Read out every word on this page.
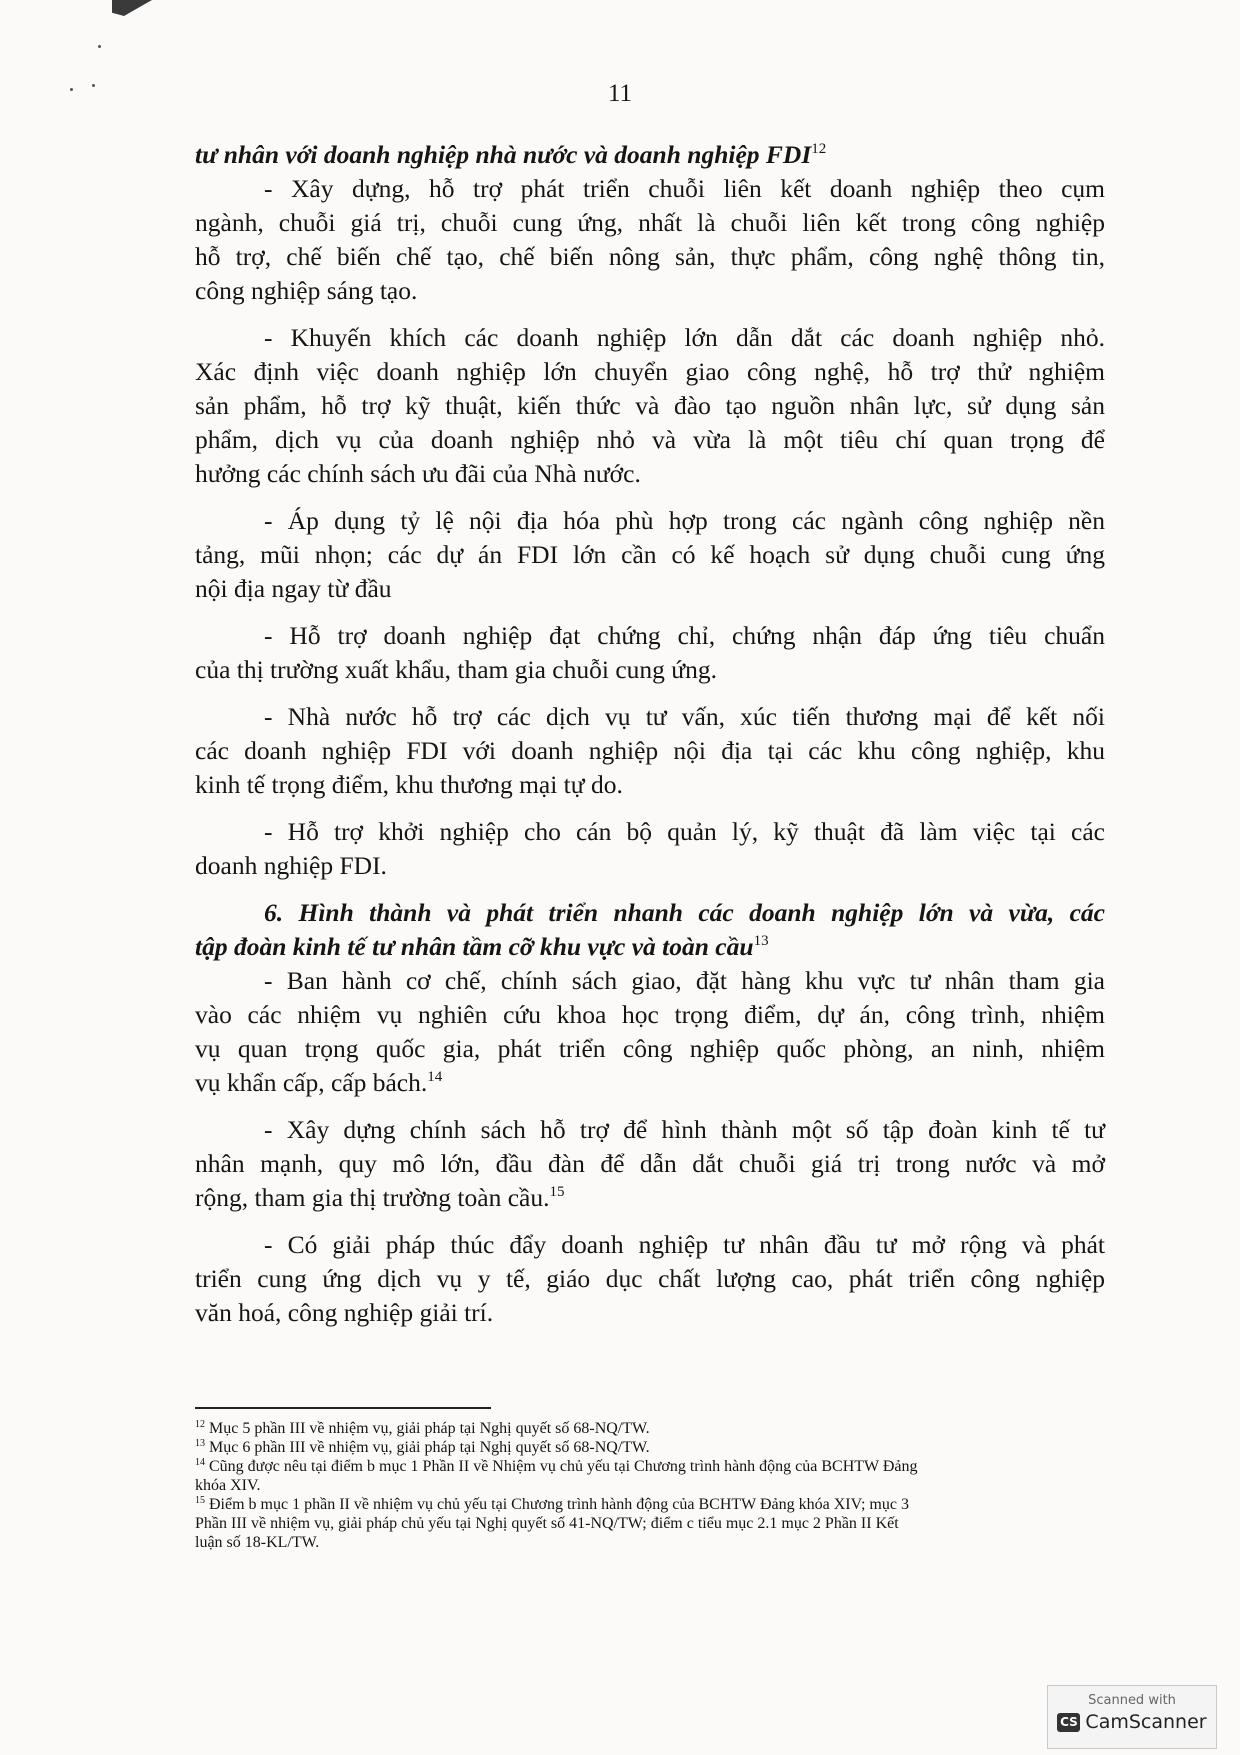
11
tư nhân với doanh nghiệp nhà nước và doanh nghiệp FDI$^{12}$
- Xây dựng, hỗ trợ phát triển chuỗi liên kết doanh nghiệp theo cụm
ngành, chuỗi giá trị, chuỗi cung ứng, nhất là chuỗi liên kết trong công nghiệp
hỗ trợ, chế biến chế tạo, chế biến nông sản, thực phẩm, công nghệ thông tin,
công nghiệp sáng tạo.
- Khuyến khích các doanh nghiệp lớn dẫn dắt các doanh nghiệp nhỏ.
Xác định việc doanh nghiệp lớn chuyển giao công nghệ, hỗ trợ thử nghiệm
sản phẩm, hỗ trợ kỹ thuật, kiến thức và đào tạo nguồn nhân lực, sử dụng sản
phẩm, dịch vụ của doanh nghiệp nhỏ và vừa là một tiêu chí quan trọng để
hưởng các chính sách ưu đãi của Nhà nước.
- Áp dụng tỷ lệ nội địa hóa phù hợp trong các ngành công nghiệp nền
tảng, mũi nhọn; các dự án FDI lớn cần có kế hoạch sử dụng chuỗi cung ứng
nội địa ngay từ đầu
- Hỗ trợ doanh nghiệp đạt chứng chỉ, chứng nhận đáp ứng tiêu chuẩn
của thị trường xuất khẩu, tham gia chuỗi cung ứng.
- Nhà nước hỗ trợ các dịch vụ tư vấn, xúc tiến thương mại để kết nối
các doanh nghiệp FDI với doanh nghiệp nội địa tại các khu công nghiệp, khu
kinh tế trọng điểm, khu thương mại tự do.
- Hỗ trợ khởi nghiệp cho cán bộ quản lý, kỹ thuật đã làm việc tại các
doanh nghiệp FDI.
6. Hình thành và phát triển nhanh các doanh nghiệp lớn và vừa, các
tập đoàn kinh tế tư nhân tầm cỡ khu vực và toàn cầu$^{13}$
- Ban hành cơ chế, chính sách giao, đặt hàng khu vực tư nhân tham gia
vào các nhiệm vụ nghiên cứu khoa học trọng điểm, dự án, công trình, nhiệm
vụ quan trọng quốc gia, phát triển công nghiệp quốc phòng, an ninh, nhiệm
vụ khẩn cấp, cấp bách.$^{14}$
- Xây dựng chính sách hỗ trợ để hình thành một số tập đoàn kinh tế tư
nhân mạnh, quy mô lớn, đầu đàn để dẫn dắt chuỗi giá trị trong nước và mở
rộng, tham gia thị trường toàn cầu.$^{15}$
- Có giải pháp thúc đẩy doanh nghiệp tư nhân đầu tư mở rộng và phát
triển cung ứng dịch vụ y tế, giáo dục chất lượng cao, phát triển công nghiệp
văn hoá, công nghiệp giải trí.
$^{12}$ Mục 5 phần III về nhiệm vụ, giải pháp tại Nghị quyết số 68-NQ/TW.
$^{13}$ Mục 6 phần III về nhiệm vụ, giải pháp tại Nghị quyết số 68-NQ/TW.
$^{14}$ Cũng được nêu tại điểm b mục 1 Phần II về Nhiệm vụ chủ yếu tại Chương trình hành động của BCHTW Đảng
khóa XIV.
$^{15}$ Điểm b mục 1 phần II về nhiệm vụ chủ yếu tại Chương trình hành động của BCHTW Đảng khóa XIV; mục 3
Phần III về nhiệm vụ, giải pháp chủ yếu tại Nghị quyết số 41-NQ/TW; điểm c tiểu mục 2.1 mục 2 Phần II Kết
luận số 18-KL/TW.
Scanned with
CS CamScanner
